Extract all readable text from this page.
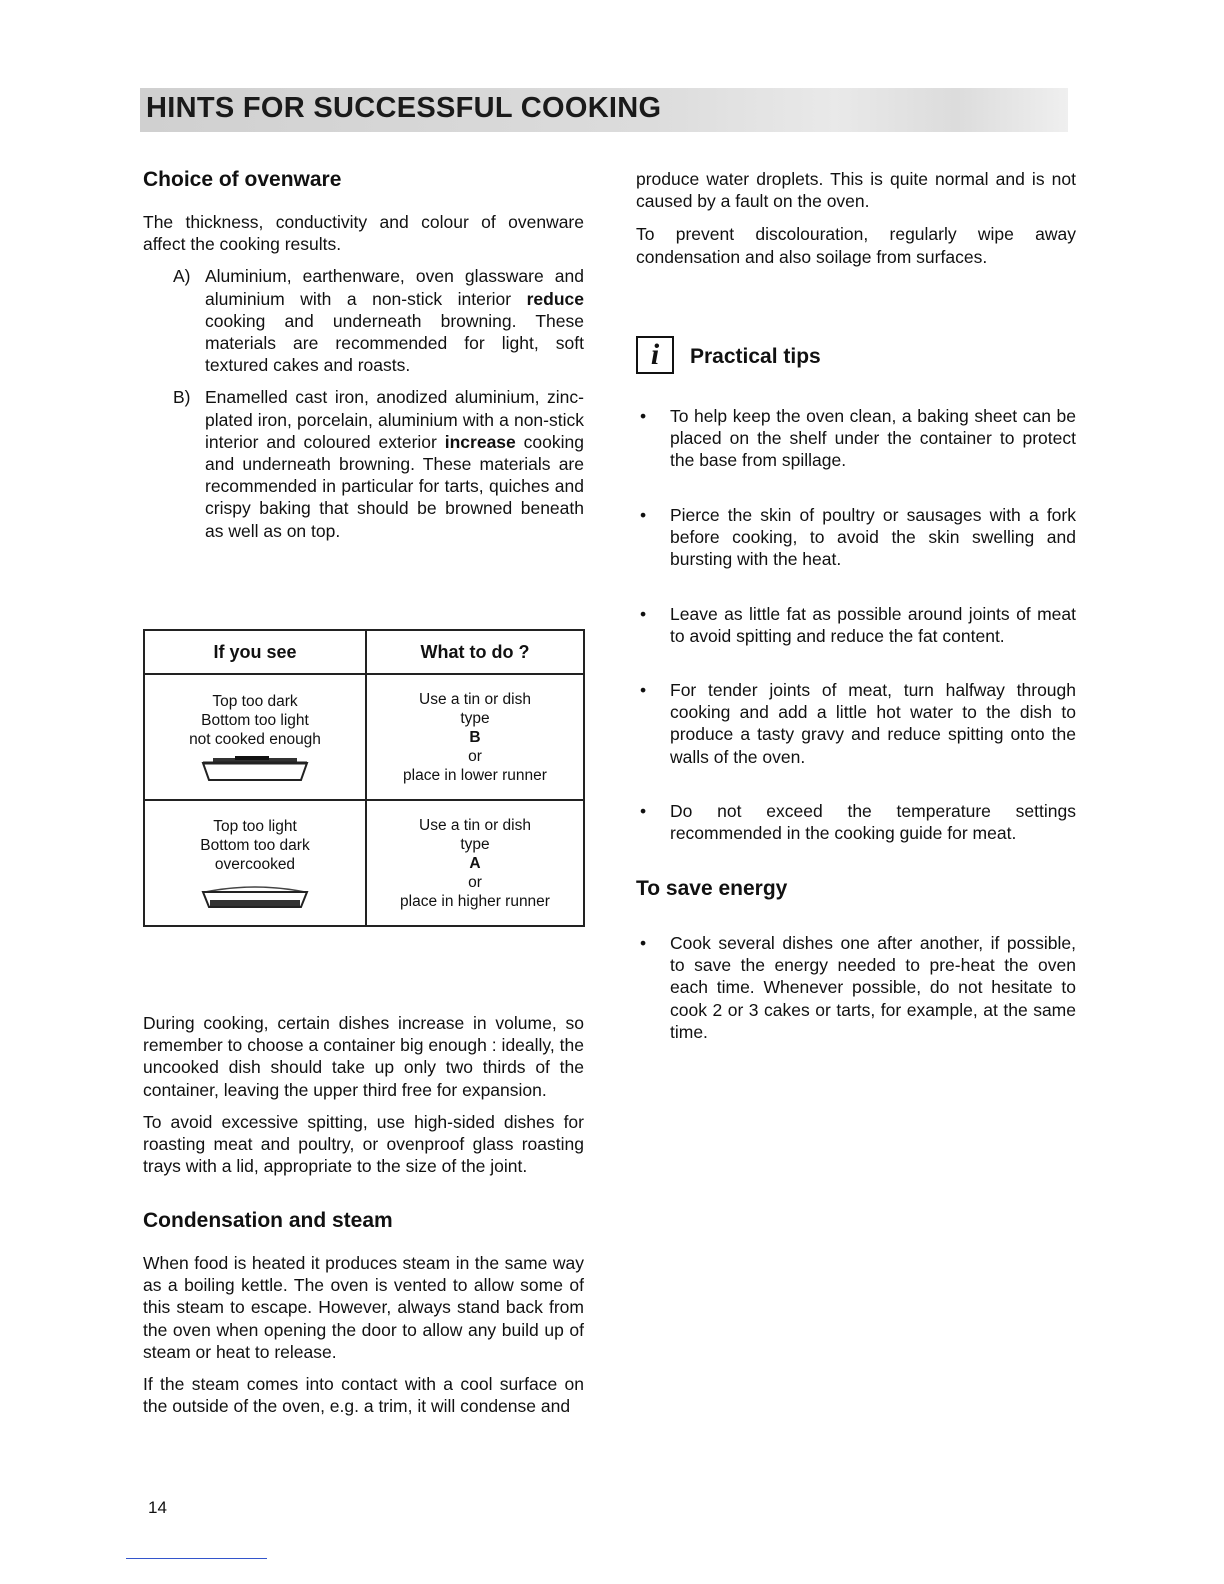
HINTS FOR SUCCESSFUL COOKING
Choice of ovenware

The thickness, conductivity and colour of ovenware affect the cooking results.

A) Aluminium, earthenware, oven glassware and aluminium with a non-stick interior reduce cooking and underneath browning. These materials are recommended for light, soft textured cakes and roasts.
B) Enamelled cast iron, anodized aluminium, zinc-plated iron, porcelain, aluminium with a non-stick interior and coloured exterior increase cooking and underneath browning. These materials are recommended in particular for tarts, quiches and crispy baking that should be browned beneath as well as on top.

During cooking, certain dishes increase in volume, so remember to choose a container big enough : ideally, the uncooked dish should take up only two thirds of the container, leaving the upper third free for expansion.

To avoid excessive spitting, use high-sided dishes for roasting meat and poultry, or ovenproof glass roasting trays with a lid, appropriate to the size of the joint.

Condensation and steam

When food is heated it produces steam in the same way as a boiling kettle. The oven is vented to allow some of this steam to escape. However, always stand back from the oven when opening the door to allow any build up of steam or heat to release.

If the steam comes into contact with a cool surface on the outside of the oven, e.g. a trim, it will condense and

If you see	What to do ?

Top too dark
Bottom too light
not cooked enough	Use a tin or dish
type
B
or
place in lower runner

Top too light
Bottom too dark
overcooked	Use a tin or dish
type
A
or
place in higher runner

produce water droplets. This is quite normal and is not caused by a fault on the oven.

To prevent discolouration, regularly wipe away condensation and also soilage from surfaces.

i	Practical tips
• To help keep the oven clean, a baking sheet can be placed on the shelf under the container to protect the base from spillage.
• Pierce the skin of poultry or sausages with a fork before cooking, to avoid the skin swelling and bursting with the heat.
• Leave as little fat as possible around joints of meat to avoid spitting and reduce the fat content.
• For tender joints of meat, turn halfway through cooking and add a little hot water to the dish to produce a tasty gravy and reduce spitting onto the walls of the oven.
• Do not exceed the temperature settings recommended in the cooking guide for meat.
To save energy
• Cook several dishes one after another, if possible, to save the energy needed to pre-heat the oven each time. Whenever possible, do not hesitate to cook 2 or 3 cakes or tarts, for example, at the same time.
14
